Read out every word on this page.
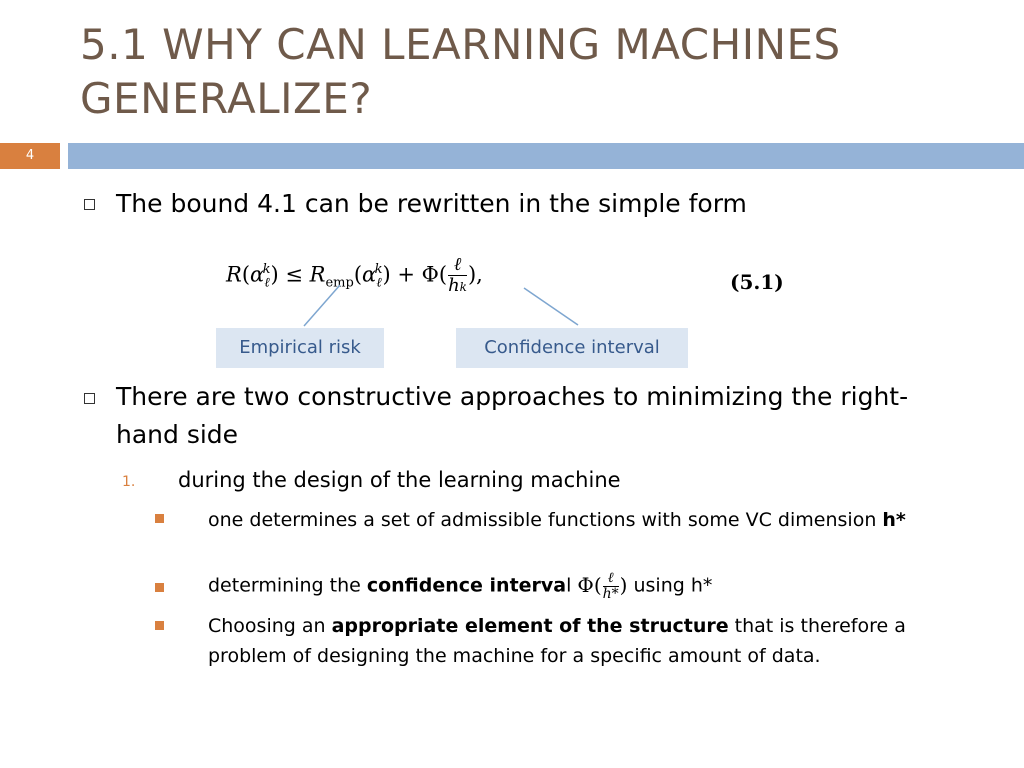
5.1 WHY CAN LEARNING MACHINES GENERALIZE?
4
The bound 4.1 can be rewritten in the simple form
$R(\alpha_\ell^k) \le R_{emp}(\alpha_\ell^k) + \Phi( \frac{\text{ℓ}}{hk}$ ),	(5.1)
Empirical risk	Confidence interval
There are two constructive approaches to minimizing the right-hand side
1. during the design of the learning machine
one determines a set of admissible functions with some VC dimension h*
determining the confidence interval $\Phi( \frac{\text{ℓ}}{h*}$ ) using h*
Choosing an appropriate element of the structure that is therefore a problem of designing the machine for a specific amount of data.
